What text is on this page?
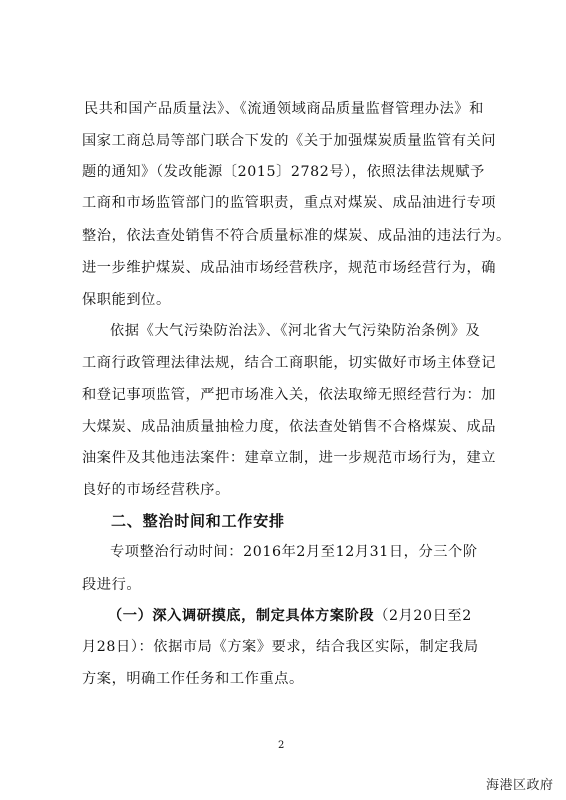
民共和国产品质量法》、《流通领域商品质量监督管理办法》和
国家工商总局等部门联合下发的《关于加强煤炭质量监管有关问
题的通知》（发改能源〔2015〕2782号），依照法律法规赋予
工商和市场监管部门的监管职责，重点对煤炭、成品油进行专项
整治，依法查处销售不符合质量标准的煤炭、成品油的违法行为。
进一步维护煤炭、成品油市场经营秩序，规范市场经营行为，确
保职能到位。
依据《大气污染防治法》、《河北省大气污染防治条例》及
工商行政管理法律法规，结合工商职能，切实做好市场主体登记
和登记事项监管，严把市场准入关，依法取缔无照经营行为：加
大煤炭、成品油质量抽检力度，依法查处销售不合格煤炭、成品
油案件及其他违法案件：建章立制，进一步规范市场行为，建立
良好的市场经营秩序。
二、整治时间和工作安排
专项整治行动时间：2016年2月至12月31日，分三个阶
段进行。
（一）深入调研摸底，制定具体方案阶段（2月20日至2
月28日）：依据市局《方案》要求，结合我区实际，制定我局
方案，明确工作任务和工作重点。
2
海港区政府
